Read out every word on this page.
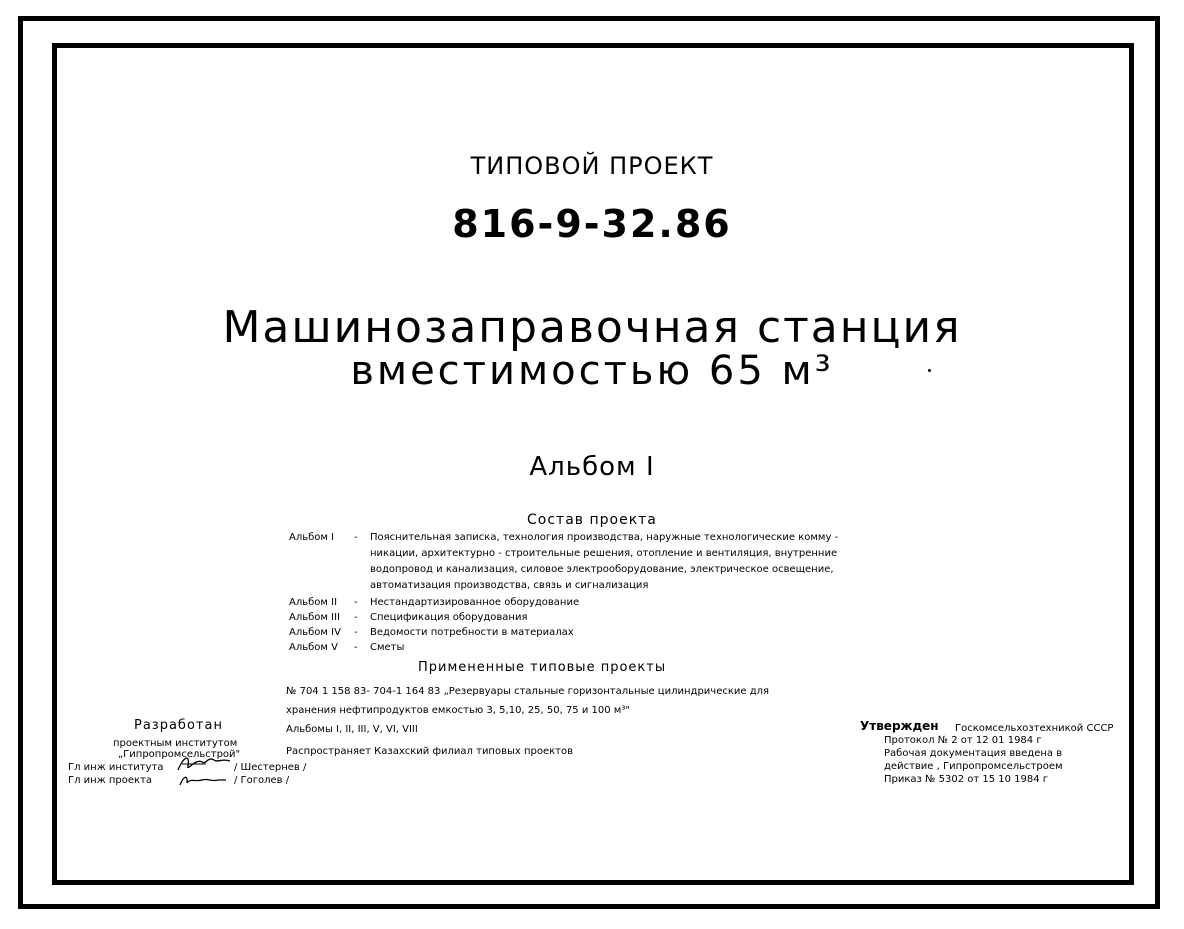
ТИПОВОЙ ПРОЕКТ
816-9-32.86
Машинозаправочная станция
вместимостью 65 м³
Альбом I
Состав проекта
Альбом I - Пояснительная записка, технология производства, наружные технологические комму -
никации, архитектурно - строительные решения, отопление и вентиляция, внутренние
водопровод и канализация, силовое электрооборудование, электрическое освещение,
автоматизация производства, связь и сигнализация
Альбом II - Нестандартизированное оборудование
Альбом III - Спецификация оборудования
Альбом IV - Ведомости потребности в материалах
Альбом V - Сметы
Примененные типовые проекты
№ 704 1 158 83- 704-1 164 83 „Резервуары стальные горизонтальные цилиндрические для
хранения нефтипродуктов емкостью 3, 5,10, 25, 50, 75 и 100 м³"
Альбомы I, II, III, V, VI, VIII
Распространяет Казахский филиал типовых проектов
Разработан
проектным институтом
„Гипропромсельстрой"
Гл инж института	/ Шестернев /
Гл инж проекта	/ Гоголев /
Утвержден Госкомсельхозтехникой СССР
Протокол № 2 от 12 01 1984 г
Рабочая документация введена в
действие , Гипропромсельстроем
Приказ № 5302 от 15 10 1984 г
